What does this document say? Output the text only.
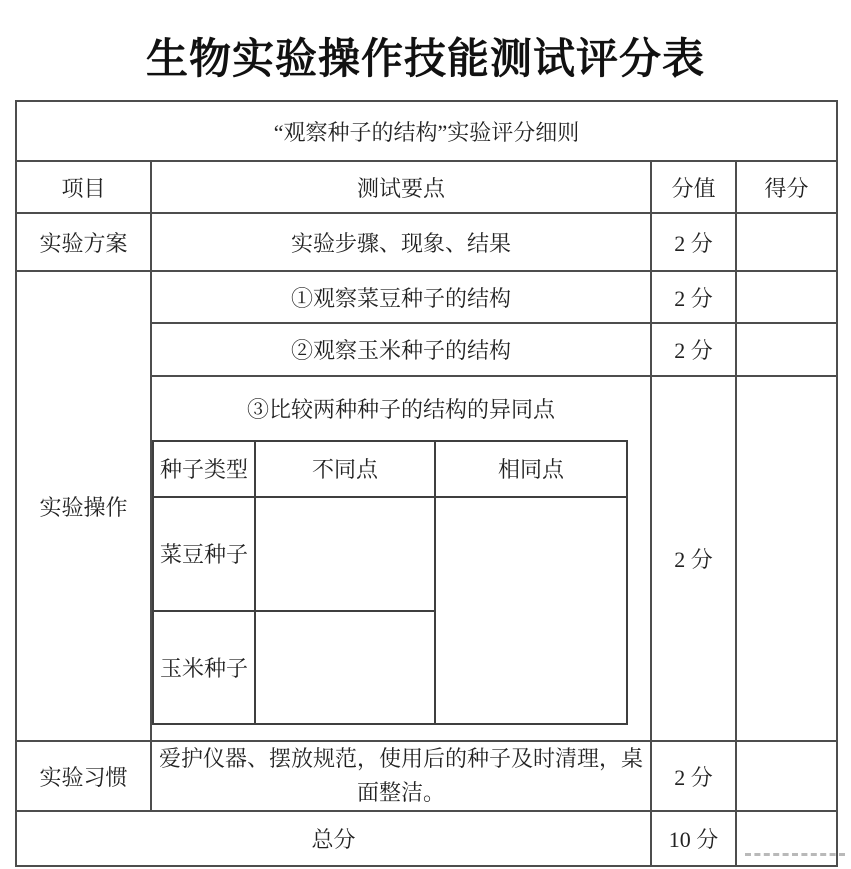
生物实验操作技能测试评分表
“观察种子的结构”实验评分细则
项目	测试要点	分值	得分
实验方案	实验步骤、现象、结果	2 分	
实验操作	①观察菜豆种子的结构	2 分	
②观察玉米种子的结构	2 分	

③比较两种种子的结构的异同点
种子类型	不同点	相同点
菜豆种子		
玉米种子	
	2 分	
实验习惯	爱护仪器、摆放规范，使用后的种子及时清理，桌面整洁。	2 分	
总分	10 分	
